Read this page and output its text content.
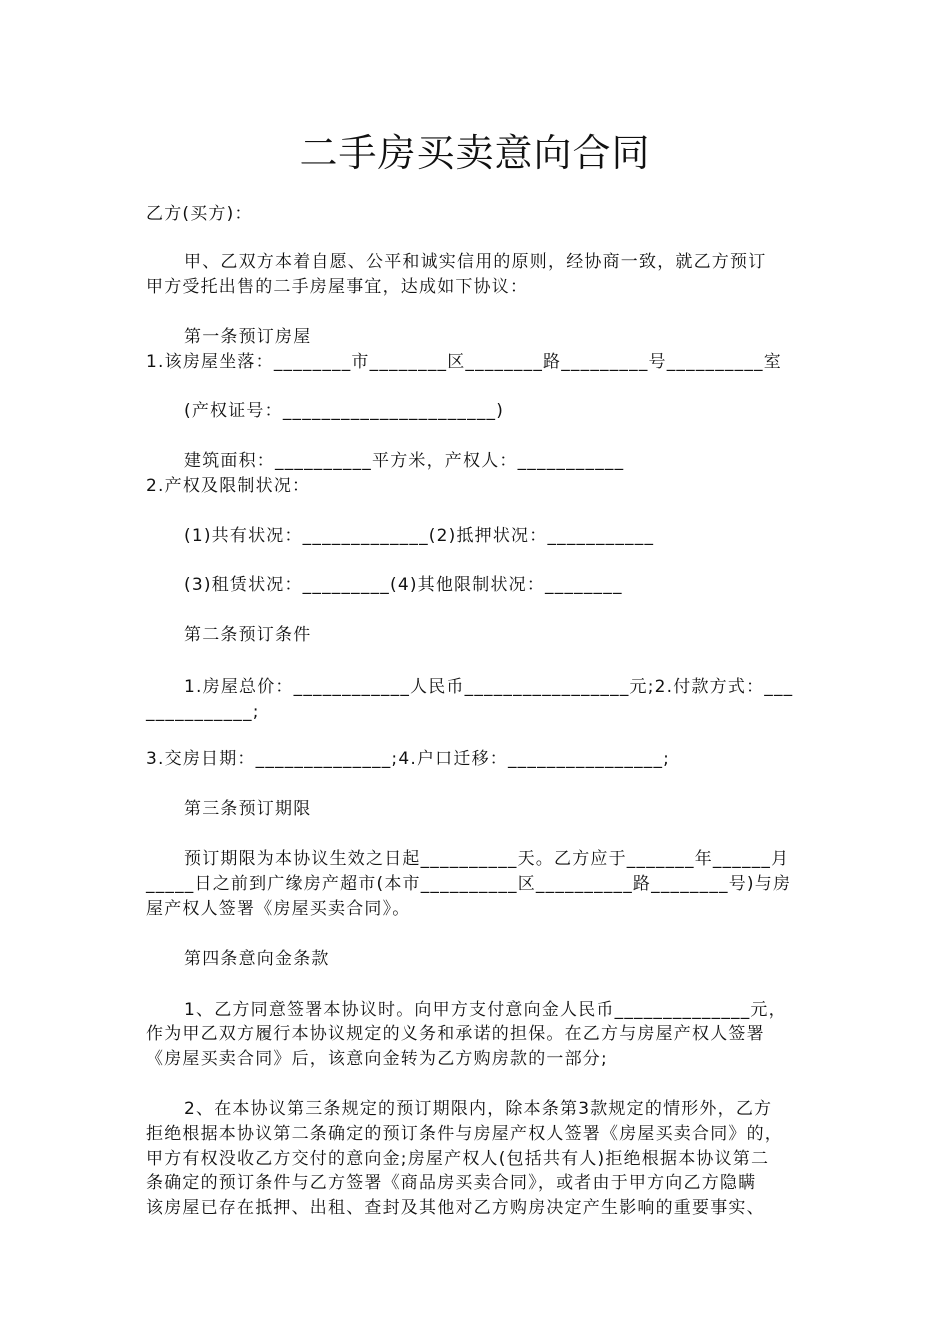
二手房买卖意向合同
乙方(买方)：
甲、乙双方本着自愿、公平和诚实信用的原则，经协商一致，就乙方预订
甲方受托出售的二手房屋事宜，达成如下协议：
第一条预订房屋
1.该房屋坐落：________市________区________路_________号__________室
(产权证号：______________________)
建筑面积：__________平方米，产权人：___________
2.产权及限制状况：
(1)共有状况：_____________(2)抵押状况：___________
(3)租赁状况：_________(4)其他限制状况：________
第二条预订条件
1.房屋总价：____________人民币_________________元;2.付款方式：___
___________;
3.交房日期：______________;4.户口迁移：________________;
第三条预订期限
预订期限为本协议生效之日起__________天。乙方应于_______年______月
_____日之前到广缘房产超市(本市__________区__________路________号)与房
屋产权人签署《房屋买卖合同》。
第四条意向金条款
1、乙方同意签署本协议时。向甲方支付意向金人民币______________元，
作为甲乙双方履行本协议规定的义务和承诺的担保。在乙方与房屋产权人签署
《房屋买卖合同》后，该意向金转为乙方购房款的一部分;
2、在本协议第三条规定的预订期限内，除本条第3款规定的情形外，乙方
拒绝根据本协议第二条确定的预订条件与房屋产权人签署《房屋买卖合同》的，
甲方有权没收乙方交付的意向金;房屋产权人(包括共有人)拒绝根据本协议第二
条确定的预订条件与乙方签署《商品房买卖合同》，或者由于甲方向乙方隐瞒
该房屋已存在抵押、出租、查封及其他对乙方购房决定产生影响的重要事实、
